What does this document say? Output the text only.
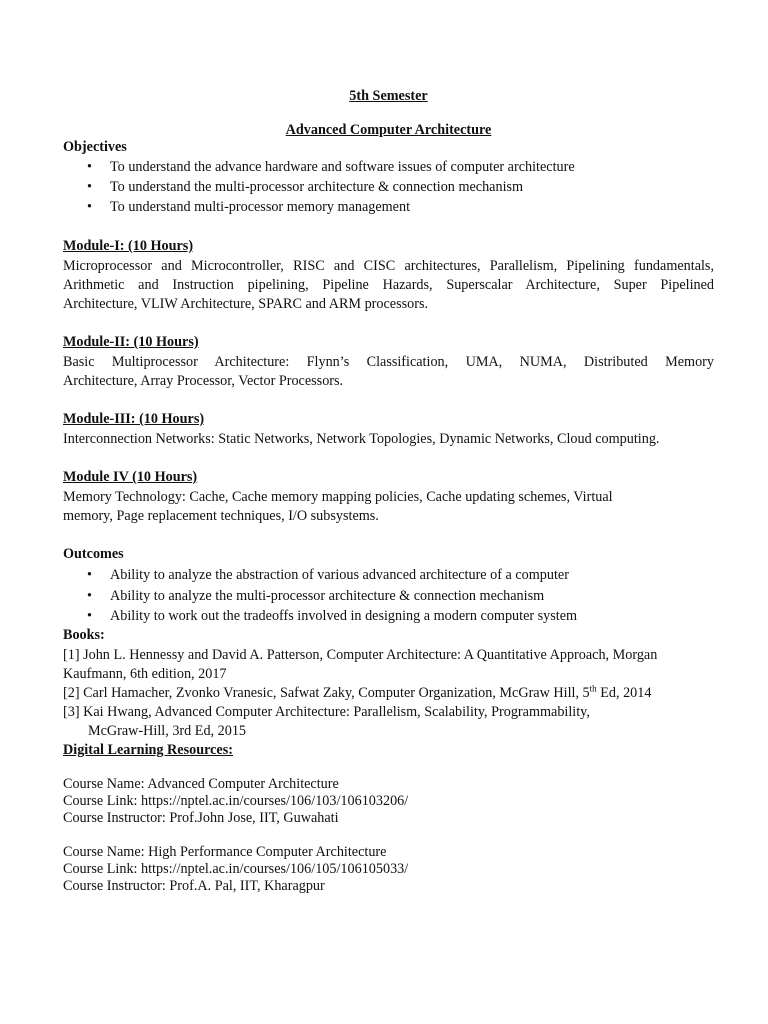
5th Semester
Advanced Computer Architecture
Objectives
• To understand the advance hardware and software issues of computer architecture
• To understand the multi-processor architecture & connection mechanism
• To understand multi-processor memory management
Module-I: (10 Hours)
Microprocessor and Microcontroller, RISC and CISC architectures, Parallelism, Pipelining fundamentals,
Arithmetic and Instruction pipelining, Pipeline Hazards, Superscalar Architecture, Super Pipelined
Architecture, VLIW Architecture, SPARC and ARM processors.
Module-II: (10 Hours)
Basic Multiprocessor Architecture: Flynn’s Classification, UMA, NUMA, Distributed Memory
Architecture, Array Processor, Vector Processors.
Module-III: (10 Hours)
Interconnection Networks: Static Networks, Network Topologies, Dynamic Networks, Cloud computing.
Module IV (10 Hours)
Memory Technology: Cache, Cache memory mapping policies, Cache updating schemes, Virtual
memory, Page replacement techniques, I/O subsystems.
Outcomes
• Ability to analyze the abstraction of various advanced architecture of a computer
• Ability to analyze the multi-processor architecture & connection mechanism
• Ability to work out the tradeoffs involved in designing a modern computer system
Books:
[1] John L. Hennessy and David A. Patterson, Computer Architecture: A Quantitative Approach, Morgan
Kaufmann, 6th edition, 2017
[2] Carl Hamacher, Zvonko Vranesic, Safwat Zaky, Computer Organization, McGraw Hill, 5th Ed, 2014
[3] Kai Hwang, Advanced Computer Architecture: Parallelism, Scalability, Programmability,
McGraw-Hill, 3rd Ed, 2015
Digital Learning Resources:
Course Name: Advanced Computer Architecture
Course Link: https://nptel.ac.in/courses/106/103/106103206/
Course Instructor: Prof.John Jose, IIT, Guwahati
Course Name: High Performance Computer Architecture
Course Link: https://nptel.ac.in/courses/106/105/106105033/
Course Instructor: Prof.A. Pal, IIT, Kharagpur
